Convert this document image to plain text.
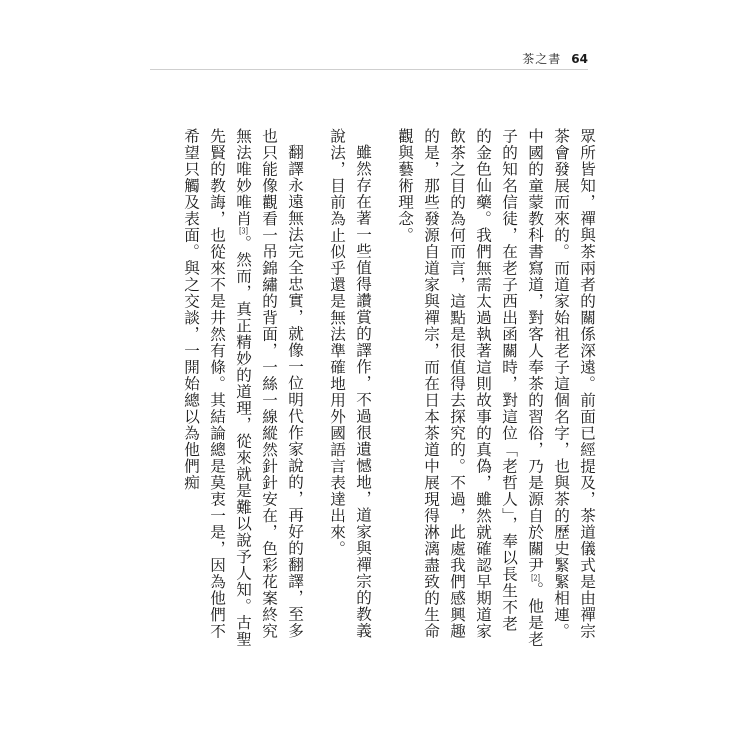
茶之書 64

眾所皆知，禪與茶兩者的關係深遠。前面已經提及，茶道儀式是由禪宗茶會發展而來的。而道家始祖老子這個名字，也與茶的歷史緊緊相連。中國的童蒙教科書寫道，對客人奉茶的習俗，乃是源自於關尹[2]。他是老子的知名信徒，在老子西出函關時，對這位「老哲人」，奉以長生不老的金色仙藥。我們無需太過執著這則故事的真偽，雖然就確認早期道家飲茶之目的為何而言，這點是很值得去探究的。不過，此處我們感興趣的是，那些發源自道家與禪宗，而在日本茶道中展現得淋漓盡致的生命觀與藝術理念。

雖然存在著一些值得讚賞的譯作，不過很遺憾地，道家與禪宗的教義說法，目前為止似乎還是無法準確地用外國語言表達出來。

翻譯永遠無法完全忠實，就像一位明代作家說的，再好的翻譯，至多也只能像觀看一吊錦繡的背面，一絲一線縱然針針安在，色彩花案終究無法唯妙唯肖[3]。然而，真正精妙的道理，從來就是難以說予人知。古聖先賢的教誨，也從來不是井然有條。其結論總是莫衷一是，因為他們不希望只觸及表面。與之交談，一開始總以為他們痴
